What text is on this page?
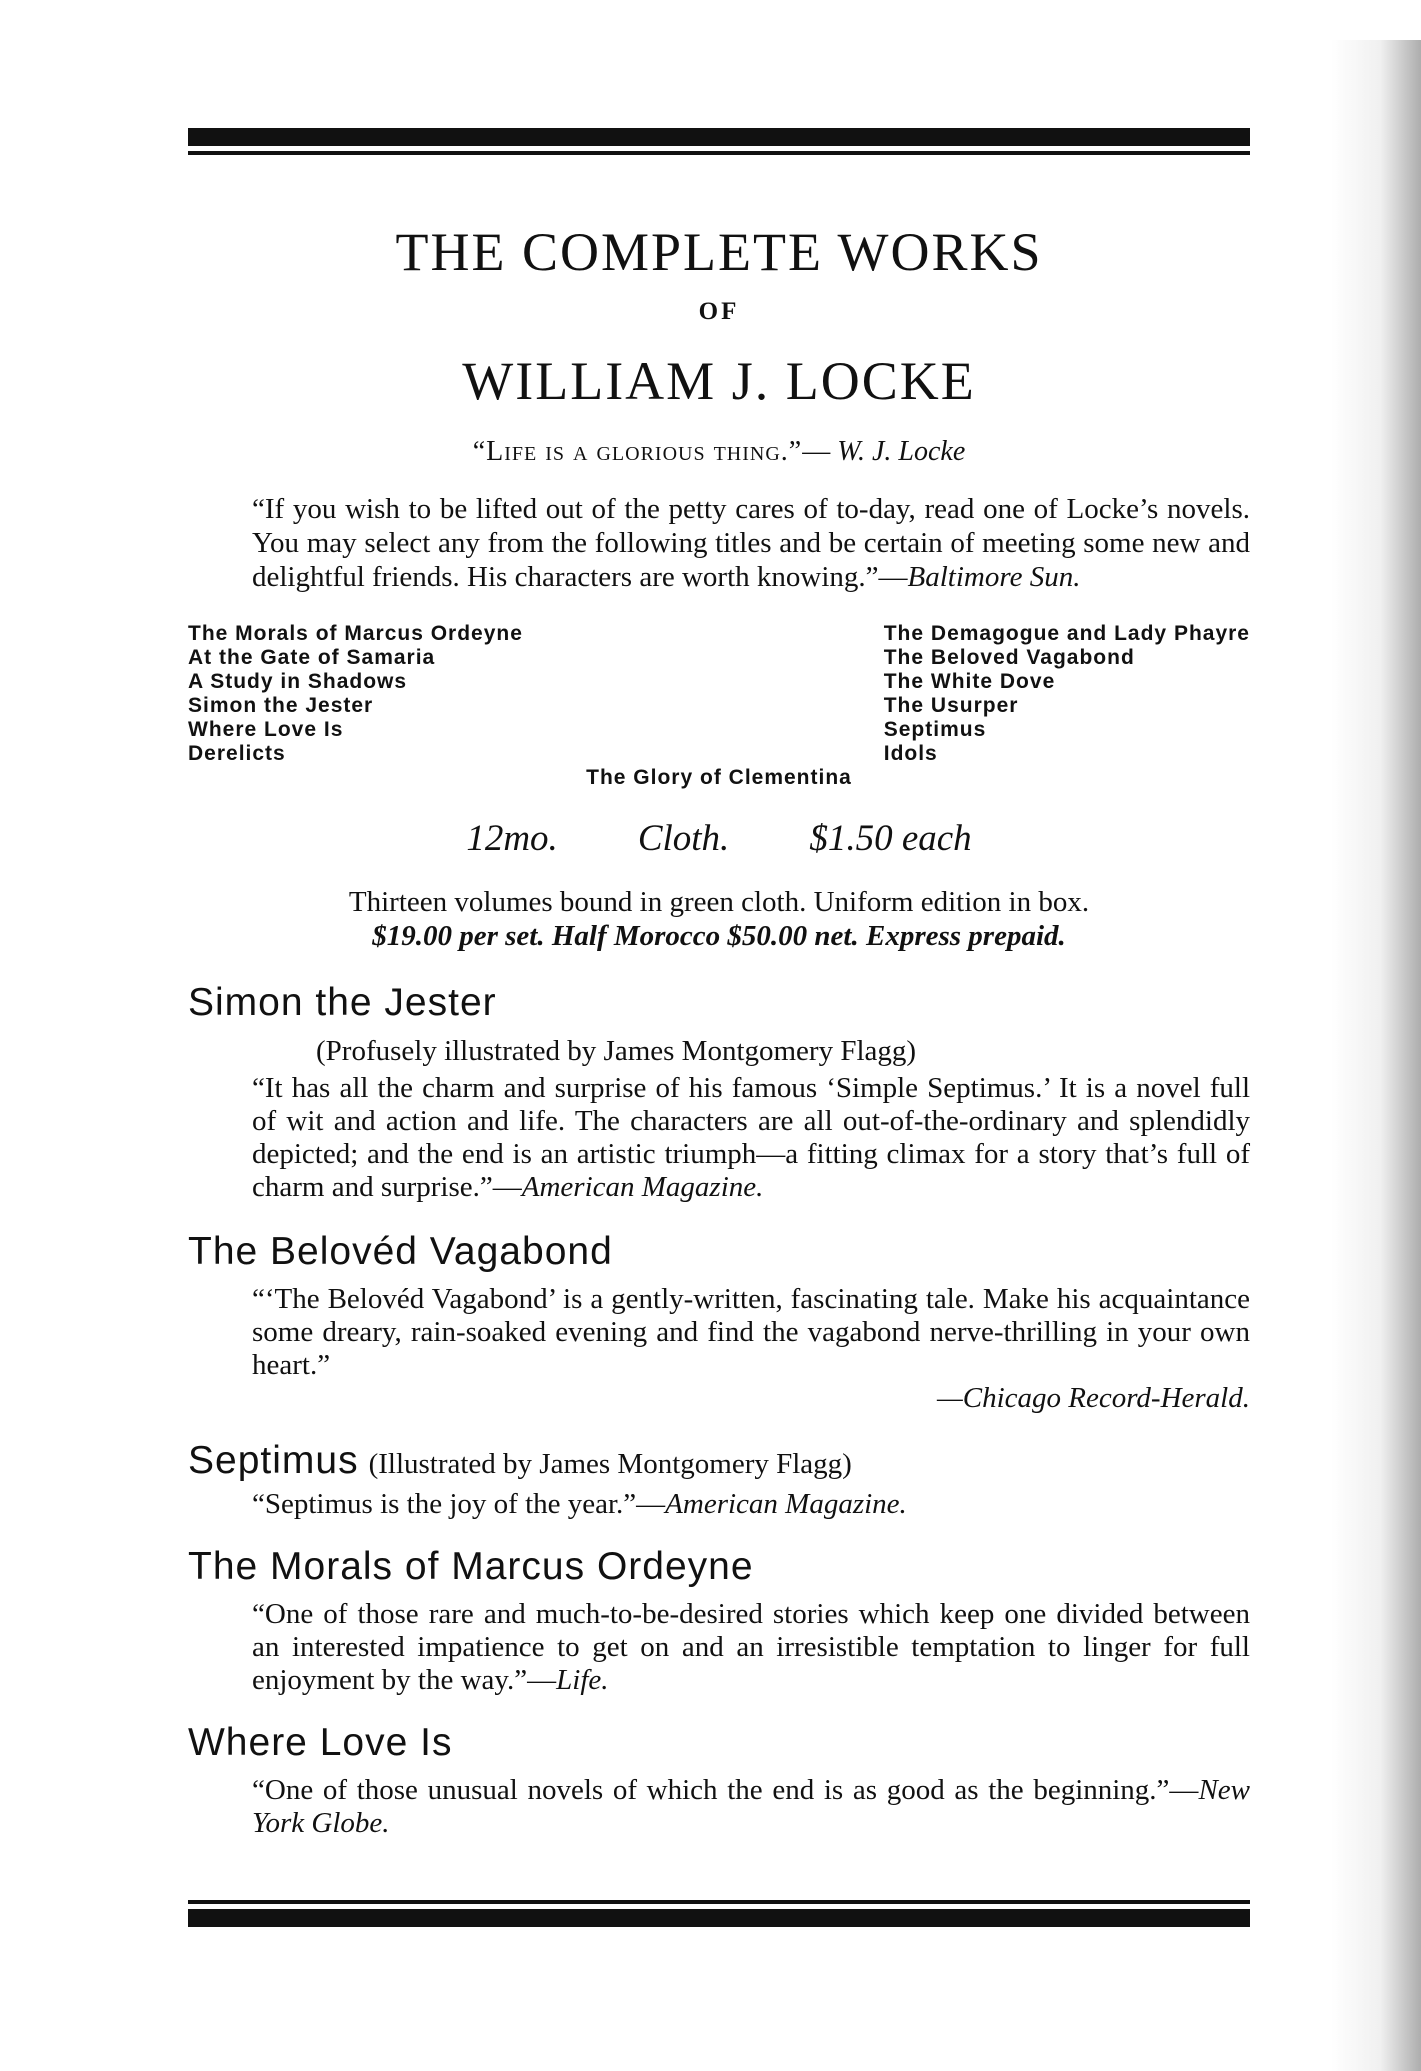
THE COMPLETE WORKS
OF
WILLIAM J. LOCKE
“Life is a glorious thing.”— W. J. Locke
“If you wish to be lifted out of the petty cares of to-day, read one of Locke’s novels. You may select any from the following titles and be certain of meeting some new and delightful friends. His characters are worth knowing.”—Baltimore Sun.
The Morals of Marcus Ordeyne
At the Gate of Samaria
A Study in Shadows
Simon the Jester
Where Love Is
Derelicts
The Demagogue and Lady Phayre
The Beloved Vagabond
The White Dove
The Usurper
Septimus
Idols
The Glory of Clementina
12mo. Cloth. $1.50 each
Thirteen volumes bound in green cloth. Uniform edition in box.
$19.00 per set. Half Morocco $50.00 net. Express prepaid.
Simon the Jester
(Profusely illustrated by James Montgomery Flagg)
“It has all the charm and surprise of his famous ‘Simple Septimus.’ It is a novel full of wit and action and life. The characters are all out-of-the-ordinary and splendidly depicted; and the end is an artistic triumph—a fitting climax for a story that’s full of charm and surprise.”—American Magazine.
The Belovéd Vagabond
“‘The Belovéd Vagabond’ is a gently-written, fascinating tale. Make his acquaintance some dreary, rain-soaked evening and find the vagabond nerve-thrilling in your own heart.”
—Chicago Record-Herald.
Septimus (Illustrated by James Montgomery Flagg)
“Septimus is the joy of the year.”—American Magazine.
The Morals of Marcus Ordeyne
“One of those rare and much-to-be-desired stories which keep one divided between an interested impatience to get on and an irresistible temptation to linger for full enjoyment by the way.”—Life.
Where Love Is
“One of those unusual novels of which the end is as good as the beginning.”—New York Globe.
